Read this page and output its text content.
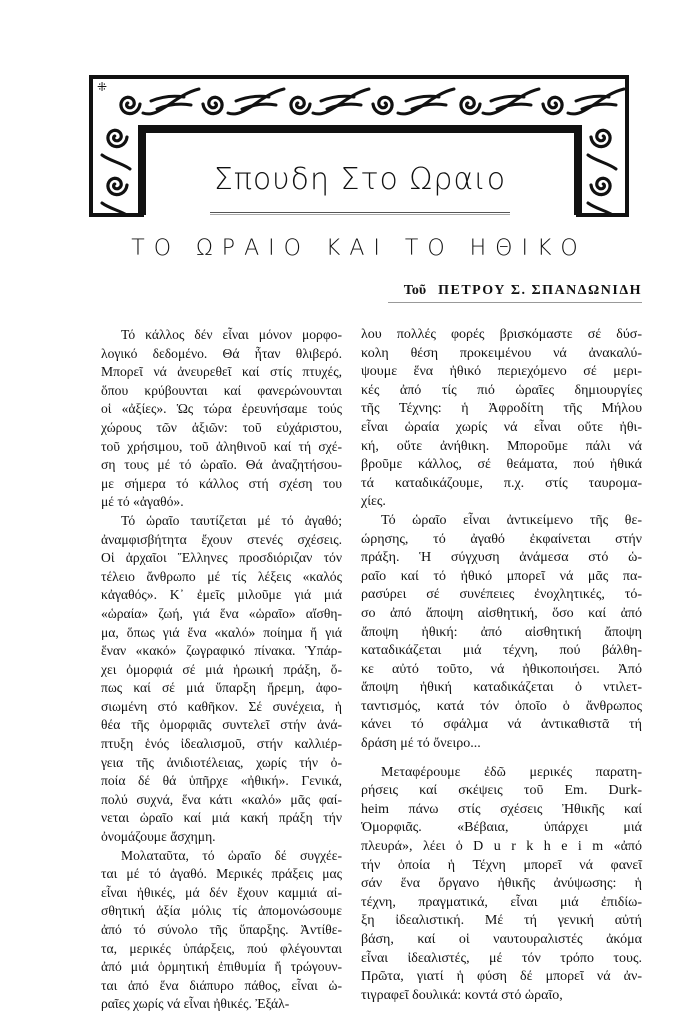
⁜
Σπουδη Στο Ωραιο
ΤΟ ΩΡΑΙΟ ΚΑΙ ΤΟ ΗΘΙΚΟ
Τοῦ ΠΕΤΡΟΥ Σ. ΣΠΑΝΔΩΝΙΔΗ
Τό κάλλος δέν εἶναι μόνον μορφο-
λογικό δεδομένο. Θά ἦταν θλιβερό.
Μπορεῖ νά ἀνευρεθεῖ καί στίς πτυχές,
ὅπου κρύβουνται καί φανερώνουνται
οἱ «ἀξίες». Ὡς τώρα ἐρευνήσαμε τούς
χώρους τῶν ἀξιῶν: τοῦ εὐχάριστου,
τοῦ χρήσιμου, τοῦ ἀληθινοῦ καί τή σχέ-
ση τους μέ τό ὡραῖο. Θά ἀναζητήσου-
με σήμερα τό κάλλος στή σχέση του
μέ τό «ἀγαθό».
Τό ὡραῖο ταυτίζεται μέ τό ἀγαθό;
ἀναμφισβήτητα ἔχουν στενές σχέσεις.
Οἱ ἀρχαῖοι Ἕλληνες προσδιόριζαν τόν
τέλειο ἄνθρωπο μέ τίς λέξεις «καλός
κἀγαθός». Κ᾽ ἐμεῖς μιλοῦμε γιά μιά
«ὡραία» ζωή, γιά ἕνα «ὡραῖο» αἴσθη-
μα, ὅπως γιά ἕνα «καλό» ποίημα ἤ γιά
ἕναν «κακό» ζωγραφικό πίνακα. Ὑπάρ-
χει ὀμορφιά σέ μιά ἡρωική πράξη, ὅ-
πως καί σέ μιά ὕπαρξη ἤρεμη, ἀφο-
σιωμένη στό καθῆκον. Σέ συνέχεια, ἡ
θέα τῆς ὀμορφιᾶς συντελεῖ στήν ἀνά-
πτυξη ἑνός ἰδεαλισμοῦ, στήν καλλιέρ-
γεια τῆς ἀνιδιοτέλειας, χωρίς τήν ὀ-
ποία δέ θά ὑπῆρχε «ἠθική». Γενικά,
πολύ συχνά, ἕνα κάτι «καλό» μᾶς φαί-
νεται ὡραῖο καί μιά κακή πράξη τήν
ὀνομάζουμε ἄσχημη.
Μολαταῦτα, τό ὡραῖο δέ συγχέε-
ται μέ τό ἀγαθό. Μερικές πράξεις μας
εἶναι ἠθικές, μά δέν ἔχουν καμμιά αἰ-
σθητική ἀξία μόλις τίς ἀπομονώσουμε
ἀπό τό σύνολο τῆς ὕπαρξης. Ἀντίθε-
τα, μερικές ὑπάρξεις, πού φλέγουνται
ἀπό μιά ὁρμητική ἐπιθυμία ἤ τρώγουν-
ται ἀπό ἕνα διάπυρο πάθος, εἶναι ὡ-
ραῖες χωρίς νά εἶναι ἠθικές. Ἐξάλ-
λου πολλές φορές βρισκόμαστε σέ δύσ-
κολη θέση προκειμένου νά ἀνακαλύ-
ψουμε ἕνα ἠθικό περιεχόμενο σέ μερι-
κές ἀπό τίς πιό ὡραῖες δημιουργίες
τῆς Τέχνης: ἡ Ἀφροδίτη τῆς Μήλου
εἶναι ὡραία χωρίς νά εἶναι οὔτε ἠθι-
κή, οὔτε ἀνήθικη. Μποροῦμε πάλι νά
βροῦμε κάλλος, σέ θεάματα, πού ἠθικά
τά καταδικάζουμε, π.χ. στίς ταυρομα-
χίες.
Τό ὡραῖο εἶναι ἀντικείμενο τῆς θε-
ώρησης, τό ἀγαθό ἐκφαίνεται στήν
πράξη. Ἡ σύγχυση ἀνάμεσα στό ὡ-
ραῖο καί τό ἠθικό μπορεῖ νά μᾶς πα-
ρασύρει σέ συνέπειες ἐνοχλητικές, τό-
σο ἀπό ἄποψη αἰσθητική, ὅσο καί ἀπό
ἄποψη ἠθική: ἀπό αἰσθητική ἄποψη
καταδικάζεται μιά τέχνη, πού βάλθη-
κε αὐτό τοῦτο, νά ἠθικοποιήσει. Ἀπό
ἄποψη ἠθική καταδικάζεται ὁ ντιλετ-
ταντισμός, κατά τόν ὁποῖο ὁ ἄνθρωπος
κάνει τό σφάλμα νά ἀντικαθιστᾶ τή
δράση μέ τό ὄνειρο...
Μεταφέρουμε ἐδῶ μερικές παρατη-
ρήσεις καί σκέψεις τοῦ Em. Durk-
heim πάνω στίς σχέσεις Ἠθικῆς καί
Ὁμορφιᾶς. «Βέβαια, ὑπάρχει μιά
πλευρά», λέει ὁ D u r k h e i m «ἀπό
τήν ὁποία ἡ Τέχνη μπορεῖ νά φανεῖ
σάν ἕνα ὄργανο ἠθικῆς ἀνύψωσης: ἡ
τέχνη, πραγματικά, εἶναι μιά ἐπιδίω-
ξη ἰδεαλιστική. Μέ τή γενική αὐτή
βάση, καί οἱ ναυτουραλιστές ἀκόμα
εἶναι ἰδεαλιστές, μέ τόν τρόπο τους.
Πρῶτα, γιατί ἡ φύση δέ μπορεῖ νά ἀν-
τιγραφεῖ δουλικά: κοντά στό ὡραῖο,
